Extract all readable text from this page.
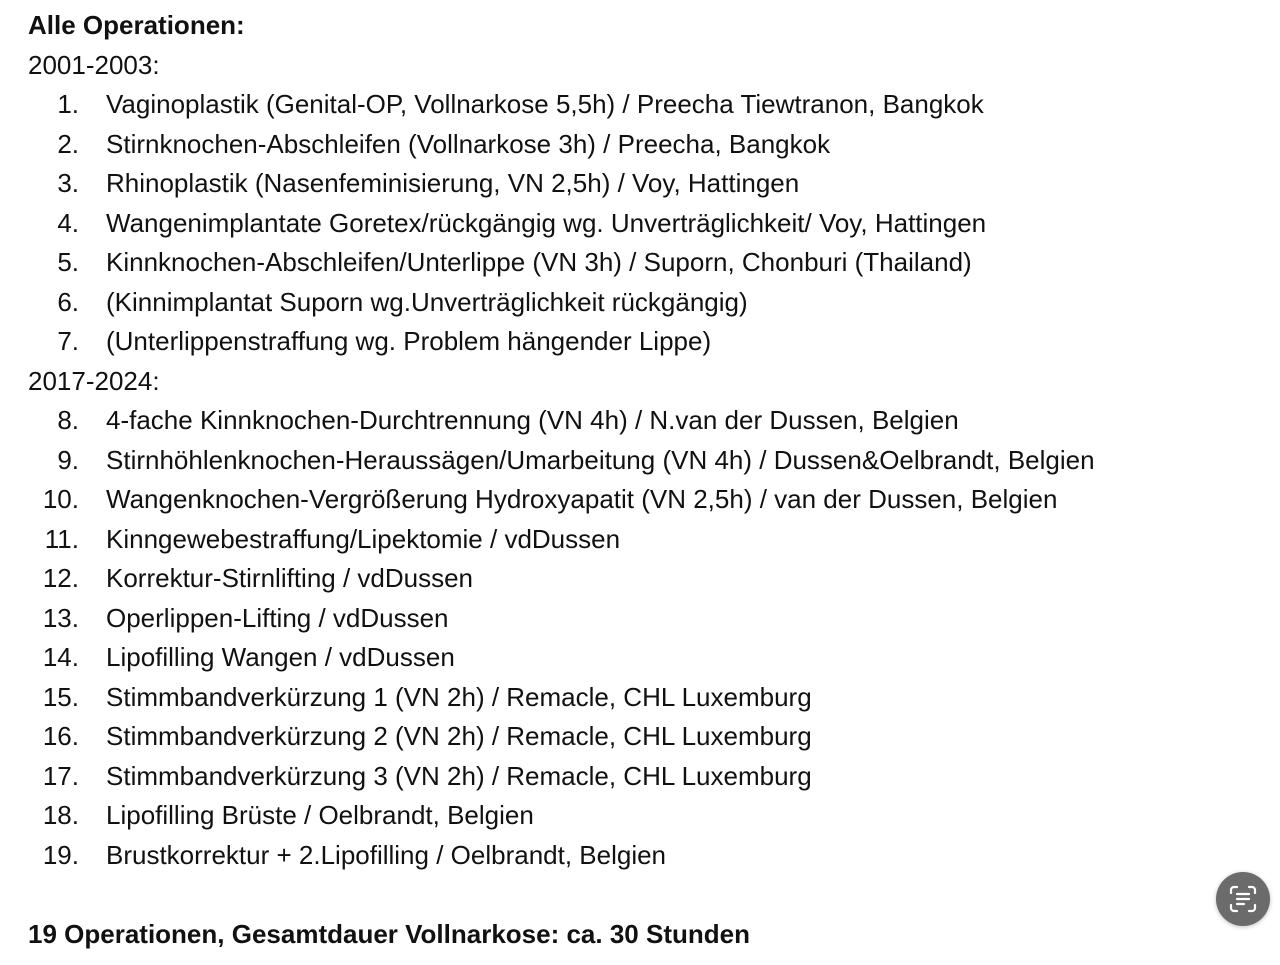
Alle Operationen:
2001-2003:
1.	Vaginoplastik (Genital-OP, Vollnarkose 5,5h) / Preecha Tiewtranon, Bangkok
2.	Stirnknochen-Abschleifen (Vollnarkose 3h) / Preecha, Bangkok
3.	Rhinoplastik (Nasenfeminisierung, VN 2,5h) / Voy, Hattingen
4.	Wangenimplantate Goretex/rückgängig wg. Unverträglichkeit/ Voy, Hattingen
5.	Kinnknochen-Abschleifen/Unterlippe (VN 3h) / Suporn, Chonburi (Thailand)
6.	(Kinnimplantat Suporn wg.Unverträglichkeit rückgängig)
7.	(Unterlippenstraffung wg. Problem hängender Lippe)
2017-2024:
8.	4-fache Kinnknochen-Durchtrennung (VN 4h) / N.van der Dussen, Belgien
9.	Stirnhöhlenknochen-Heraussägen/Umarbeitung (VN 4h) / Dussen&Oelbrandt, Belgien
10.	Wangenknochen-Vergrößerung Hydroxyapatit (VN 2,5h) / van der Dussen, Belgien
11.	Kinngewebestraffung/Lipektomie / vdDussen
12.	Korrektur-Stirnlifting / vdDussen
13.	Operlippen-Lifting / vdDussen
14.	Lipofilling Wangen / vdDussen
15.	Stimmbandverkürzung 1 (VN 2h) / Remacle, CHL Luxemburg
16.	Stimmbandverkürzung 2 (VN 2h) / Remacle, CHL Luxemburg
17.	Stimmbandverkürzung 3 (VN 2h) / Remacle, CHL Luxemburg
18.	Lipofilling Brüste / Oelbrandt, Belgien
19.	Brustkorrektur + 2.Lipofilling / Oelbrandt, Belgien
19 Operationen, Gesamtdauer Vollnarkose: ca. 30 Stunden
